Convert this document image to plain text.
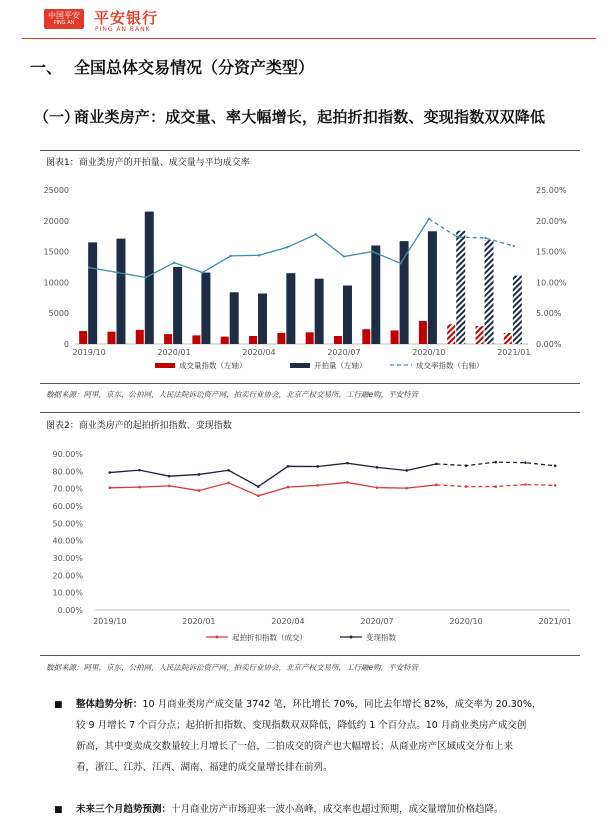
中国平安
PING AN	平安银行
PING AN BANK
一、 全国总体交易情况（分资产类型）
（一）
商业类房产：成交量、率大幅增长，起拍折扣指数、变现指数双双降低
图表1：商业类房产的开拍量、成交量与平均成交率
0
5000
10000
15000
20000
25000
0.00%
5.00%
10.00%
15.00%
20.00%
25.00%
2019/10	2020/01	2020/04	2020/07	2020/10	2021/01
成交量指数（左轴）	开拍量（左轴）	成交率指数（右轴）
数据来源：阿里，京东，公拍网，人民法院诉讼资产网，拍卖行业协会，北京产权交易所，工行融e购，平安特管
图表2：商业类房产的起拍折扣指数、变现指数
0.00%
10.00%
20.00%
30.00%
40.00%
50.00%
60.00%
70.00%
80.00%
90.00%
2019/10	2020/01	2020/04	2020/07	2020/10	2021/01
起拍折扣指数（成交）	变现指数
数据来源：阿里，京东，公拍网，人民法院诉讼资产网，拍卖行业协会，北京产权交易所，工行融e购，平安特管
■ 整体趋势分析：10 月商业类房产成交量 3742 笔，环比增长 70%，同比去年增长 82%，成交率为 20.30%，
较 9 月增长 7 个百分点；起拍折扣指数、变现指数双双降低，降低约 1 个百分点。10 月商业类房产成交创
新高，其中变卖成交数量较上月增长了一倍，二拍成交的资产也大幅增长；从商业房产区域成交分布上来
看，浙江、江苏、江西、湖南、福建的成交量增长排在前列。
■ 未来三个月趋势预测：十月商业房产市场迎来一波小高峰，成交率也超过预期，成交量增加价格趋降。
